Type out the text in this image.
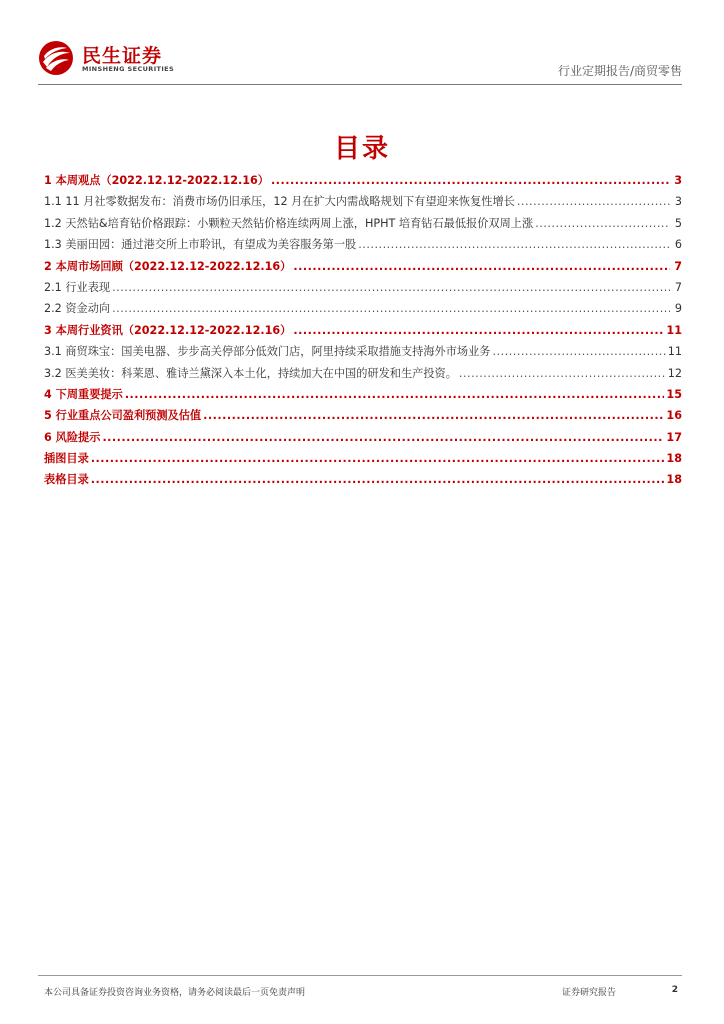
民生证券
MINSHENG SECURITIES	行业定期报告/商贸零售
目录
1 本周观点（2022.12.12-2022.12.16） .....	3
1.1 11 月社零数据发布：消费市场仍旧承压，12 月在扩大内需战略规划下有望迎来恢复性增长 .....	3
1.2 天然钻&培育钻价格跟踪：小颗粒天然钻价格连续两周上涨，HPHT 培育钻石最低报价双周上涨 .....	5
1.3 美丽田园：通过港交所上市聆讯，有望成为美容服务第一股 .....	6
2 本周市场回顾（2022.12.12-2022.12.16） .....	7
2.1 行业表现 .....	7
2.2 资金动向 .....	9
3 本周行业资讯（2022.12.12-2022.12.16） .....	11
3.1 商贸珠宝：国美电器、步步高关停部分低效门店，阿里持续采取措施支持海外市场业务 .....	11
3.2 医美美妆：科莱恩、雅诗兰黛深入本土化，持续加大在中国的研发和生产投资。 .....	12
4 下周重要提示 .....	15
5 行业重点公司盈利预测及估值 .....	16
6 风险提示 .....	17
插图目录 .....	18
表格目录 .....	18
本公司具备证券投资咨询业务资格，请务必阅读最后一页免责声明	证券研究报告	2
